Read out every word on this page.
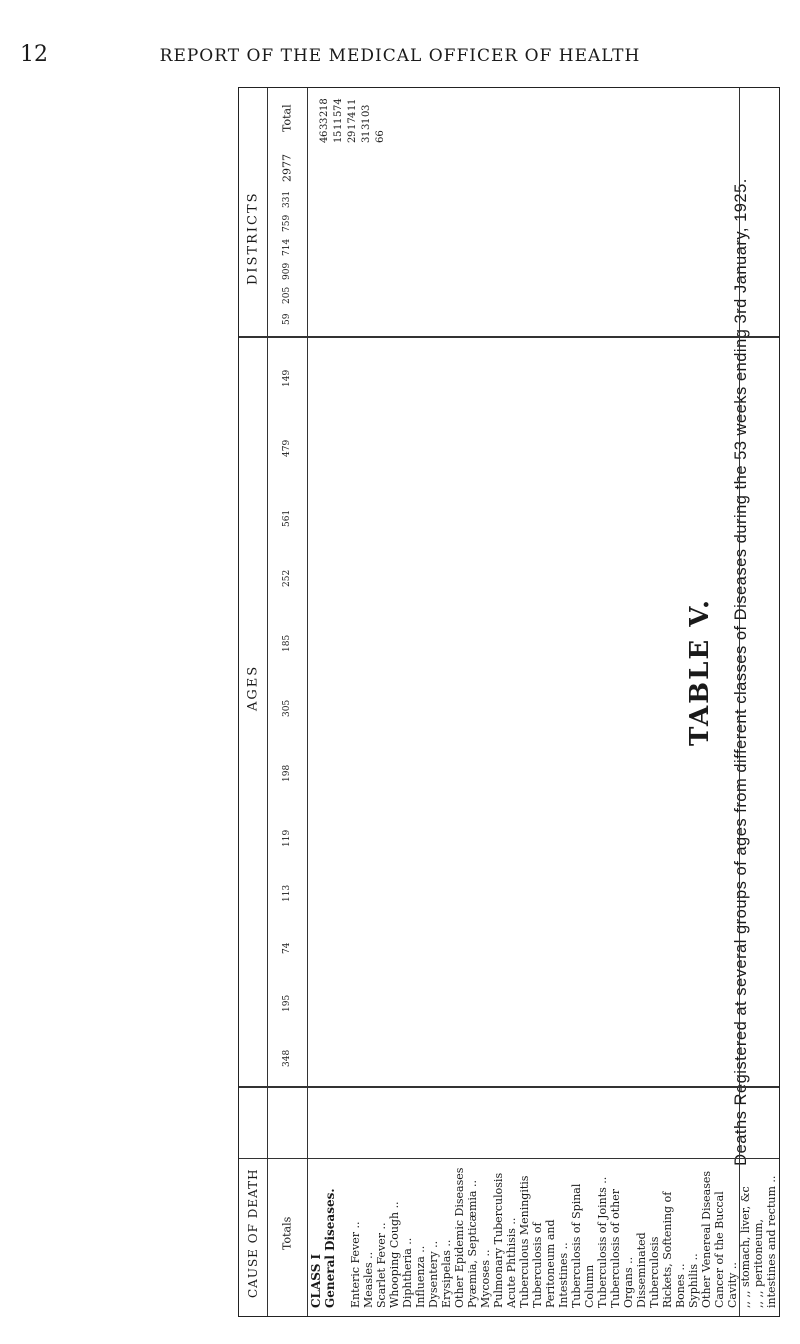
12	REPORT OF THE MEDICAL OFFICER OF HEALTH
TABLE V. Deaths Registered at several groups of ages from different classes of Diseases during the 53 weeks ending 3rd January, 1925.
Total
2977
DISTRICTS
AGES
CAUSE OF DEATH	Totals
331
759
714
909
205
59
149
479
561
252
185
305
198
119
113
74
195
348
CLASS I General Diseases. Enteric Fever .. Measles .. Scarlet Fever .. Whooping Cough .. Diphtheria .. Influenza .. Dysentery .. Erysipelas .. Other Epidemic Diseases Pyæmia, Septicæmia .. Mycoses .. Pulmonary Tuberculosis Acute Phthisis .. Tuberculous Meningitis Tuberculosis of Peritoneum and Intestines .. Tuberculosis of Spinal Column Tuberculosis of Joints .. Tuberculosis of other Organs .. Disseminated Tuberculosis Rickets, Softening of Bones .. Syphilis .. Other Venereal Diseases Cancer of the Buccal Cavity .. ,, ,, stomach, liver, &c ,, ,, peritoneum, intestines and rectum ..
46332181511574291741131310366
